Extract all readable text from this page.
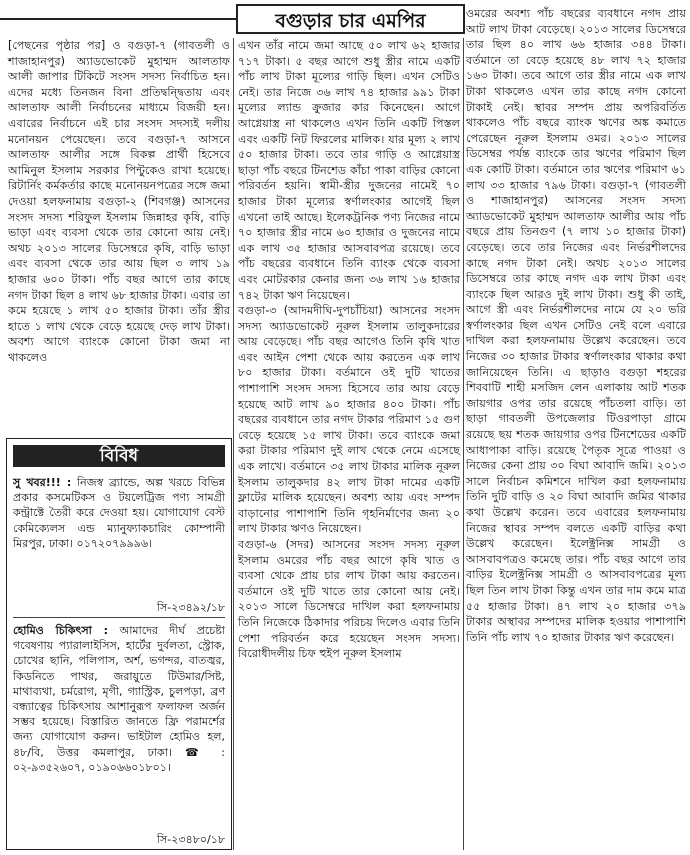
বগুড়ার চার এমপির

[পেছনের পৃষ্ঠার পর] ও বগুড়া-৭ (গাবতলী ও শাজাহানপুর) অ্যাডভোকেট মুহাম্মদ আলতাফ আলী জাপার টিকিটে সংসদ সদস্য নির্বাচিত হন। এদের মধ্যে তিনজন বিনা প্রতিদ্বন্দ্বিতায় এবং আলতাফ আলী নির্বাচনের মাধ্যমে বিজয়ী হন। এবারের নির্বাচনে এই চার সংসদ সদস্যই দলীয় মনোনয়ন পেয়েছেন। তবে বগুড়া-৭ আসনে আলতাফ আলীর সঙ্গে বিকল্প প্রার্থী হিসেবে আমিনুল ইসলাম সরকার পিন্টুকেও রাখা হয়েছে। রিটার্নিং কর্মকর্তার কাছে মনোনয়নপত্রের সঙ্গে জমা দেওয়া হলফনামায় বগুড়া-২ (শিবগঞ্জ) আসনের সংসদ সদস্য শরিফুল ইসলাম জিন্নাহর কৃষি, বাড়ি ভাড়া এবং ব্যবসা থেকে তার কোনো আয় নেই। অথচ ২০১৩ সালের ডিসেম্বরে কৃষি, বাড়ি ভাড়া এবং ব্যবসা থেকে তার আয় ছিল ৩ লাখ ১৯ হাজার ৬০০ টাকা। পাঁচ বছর আগে তার কাছে নগদ টাকা ছিল ৪ লাখ ৬৮ হাজার টাকা। এবার তা কমে হয়েছে ১ লাখ ৫০ হাজার টাকা। তাঁর স্ত্রীর হাতে ১ লাখ থেকে বেড়ে হয়েছে দেড় লাখ টাকা। অবশ্য আগে ব্যাংকে কোনো টাকা জমা না থাকলেও

এখন তাঁর নামে জমা আছে ৫০ লাখ ৬২ হাজার ৭১৭ টাকা। ৫ বছর আগে শুধু স্ত্রীর নামে একটি পাঁচ লাখ টাকা মূল্যের গাড়ি ছিল। এখন সেটিও নেই। তার নিজে ৩৬ লাখ ৭৪ হাজার ৯৯১ টাকা মূল্যের ল্যান্ড ক্রুজার কার কিনেছেন। আগে আগ্নেয়াস্ত্র না থাকলেও এখন তিনি একটি পিস্তল এবং একটি নিট ফিরলের মালিক। যার মূল্য ২ লাখ ৫০ হাজার টাকা। তবে তার গাড়ি ও আগ্নেয়াস্ত্র ছাড়া পাঁচ বছরে টিনশেড কাঁচা পাকা বাড়ির কোনো পরিবর্তন হয়নি। স্বামী-স্ত্রীর দুজনের নামেই ৭০ হাজার টাকা মূল্যের স্বর্ণালংকার আগেই ছিল এখনো তাই আছে। ইলেকট্রনিক পণ্য নিজের নামে ৭০ হাজার স্ত্রীর নামে ৬০ হাজার ও দুজনের নামে এক লাখ ৩৫ হাজার আসবাবপত্র রয়েছে। তবে পাঁচ বছরের ব্যবধানে তিনি ব্যাংক থেকে ব্যবসা এবং মোটরকার কেনার জন্য ৩৬ লাখ ১৬ হাজার ৭৪২ টাকা ঋণ নিয়েছেন।

বগুড়া-৩ (আদমদীঘি-দুপচাঁচিয়া) আসনের সংসদ সদস্য অ্যাডভোকেট নূরুল ইসলাম তালুকদারের আয় বেড়েছে। পাঁচ বছর আগেও তিনি কৃষি খাত এবং আইন পেশা থেকে আয় করতেন এক লাখ ৮০ হাজার টাকা। বর্তমানে ওই দুটি খাতের পাশাপাশি সংসদ সদস্য হিসেবে তার আয় বেড়ে হয়েছে আট লাখ ৯০ হাজার ৪০০ টাকা। পাঁচ বছরের ব্যবধানে তার নগদ টাকার পরিমাণ ১৫ গুণ বেড়ে হয়েছে ১৫ লাখ টাকা। তবে ব্যাংকে জমা করা টাকার পরিমাণ দুই লাখ থেকে নেমে এসেছে এক লাখে। বর্তমানে ৩৫ লাখ টাকার মালিক নূরুল ইসলাম তালুকদার ৪২ লাখ টাকা দামের একটি ফ্লাটের মালিক হয়েছেন। অবশ্য আয় এবং সম্পদ বাড়ানোর পাশাপাশি তিনি গৃহনির্মাণের জন্য ২০ লাখ টাকার ঋণও নিয়েছেন।

বগুড়া-৬ (সদর) আসনের সংসদ সদস্য নূরুল ইসলাম ওমরের পাঁচ বছর আগে কৃষি খাত ও ব্যবসা থেকে প্রায় চার লাখ টাকা আয় করতেন। বর্তমানে ওই দুটি খাতে তার কোনো আয় নেই। ২০১৩ সালে ডিসেম্বরে দাখিল করা হলফনামায় তিনি নিজেকে ঠিকাদার পরিচয় দিলেও এবার তিনি পেশা পরিবর্তন করে হয়েছেন সংসদ সদস্য। বিরোধীদলীয় চিফ হুইপ নূরুল ইসলাম

ওমরের অবশ্য পাঁচ বছরের ব্যবধানে নগদ প্রায় আট লাখ টাকা বেড়েছে। ২০১৩ সালের ডিসেম্বরে তার ছিল ৪০ লাখ ৬৬ হাজার ৩৪৪ টাকা। বর্তমানে তা বেড়ে হয়েছে ৪৮ লাখ ৭২ হাজার ১৬৩ টাকা। তবে আগে তার স্ত্রীর নামে এক লাখ টাকা থাকলেও এখন তার কাছে নগদ কোনো টাকাই নেই। স্থাবর সম্পদ প্রায় অপরিবর্তিত থাকলেও পাঁচ বছরে ব্যাংক ঋণের অঙ্ক কমাতে পেরেছেন নূরুল ইসলাম ওমর। ২০১৩ সালের ডিসেম্বর পর্যন্ত ব্যাংকে তার ঋণের পরিমাণ ছিল এক কোটি টাকা। বর্তমানে তার ঋণের পরিমাণ ৬১ লাখ ৩৩ হাজার ৭৯৬ টাকা। বগুড়া-৭ (গাবতলী ও শাজাহানপুর) আসনের সংসদ সদস্য অ্যাডভোকেট মুহাম্মদ আলতাফ আলীর আয় পাঁচ বছরে প্রায় তিনগুণ (৭ লাখ ১০ হাজার টাকা) বেড়েছে। তবে তার নিজের এবং নির্ভরশীলদের কাছে নগদ টাকা নেই। অথচ ২০১৩ সালের ডিসেম্বরে তার কাছে নগদ এক লাখ টাকা এবং ব্যাংকে ছিল আরও দুই লাখ টাকা। শুধু কী তাই, আগে স্ত্রী এবং নির্ভরশীলদের নামে যে ২০ ভরি স্বর্ণালংকার ছিল এখন সেটিও নেই বলে এবারে দাখিল করা হলফনামায় উল্লেখ করেছেন। তবে নিজের ৩০ হাজার টাকার স্বর্ণালংকার থাকার কথা জানিয়েছেন তিনি। এ ছাড়াও বগুড়া শহরের শিববাটি শাহী মসজিদ লেন এলাকায় আট শতক জায়গার ওপর তার রয়েছে পাঁচতলা বাড়ি। তা ছাড়া গাবতলী উপজেলার টিওরপাড়া গ্রামে রয়েছে ছয় শতক জায়গার ওপর টিনশেডের একটি আধাপাকা বাড়ি। রয়েছে পৈতৃক সূত্রে পাওয়া ও নিজের কেনা প্রায় ৩০ বিঘা আবাদি জমি। ২০১৩ সালে নির্বাচন কমিশনে দাখিল করা হলফনামায় তিনি দুটি বাড়ি ও ২০ বিঘা আবাদি জমির থাকার কথা উল্লেখ করেন। তবে এবারের হলফনামায় নিজের স্থাবর সম্পদ বলতে একটি বাড়ির কথা উল্লেখ করেছেন। ইলেক্ট্রনিক্স সামগ্রী ও আসবাবপত্রও কমেছে তার। পাঁচ বছর আগে তার বাড়ির ইলেক্ট্রনিক্স সামগ্রী ও আসবাবপত্রের মূল্য ছিল তিন লাখ টাকা কিন্তু এখন তার দাম কমে মাত্র ৫৫ হাজার টাকা। ৪৭ লাখ ২০ হাজার ৩৭৯ টাকার অস্থাবর সম্পদের মালিক হওয়ার পাশাপাশি তিনি পাঁচ লাখ ৭০ হাজার টাকার ঋণ করেছেন।

বিবিধ
সু খবর!!! : নিজস্ব ব্র্যান্ডে, অল্প খরচে বিভিন্ন প্রকার কসমেটিকস ও টয়লেট্রিজ পণ্য সামগ্রী কন্ট্রাক্টে তৈরী করে দেওয়া হয়। যোগাযোগ বেস্ট কেমিক্যেলস এন্ড ম্যানুফ্যাকচারিং কোম্পানী মিরপুর, ঢাকা। ০১৭২০৭৯৯৯৬।
সি-২৩৪৯২/১৮
হোমিও চিকিৎসা : আমাদের দীর্ঘ প্রচেষ্টা গবেষণায় প্যারালাইসিস, হার্টের দুর্বলতা, স্ট্রোক, চোখের ছানি, পলিপাস, অর্শ, ভগন্দর, বাতজ্বর, কিডনিতে পাথর, জরায়ুতে টিউমার/সিষ্ট, মাথাব্যথা, চর্মরোগ, মৃগী, গ্যাস্ট্রিক, চুলপড়া, ব্রণ বন্ধ্যাত্বের চিকিৎসায় আশানুরূপ ফলাফল অর্জন সম্ভব হয়েছে। বিস্তারিত জানতে ফ্রি পরামর্শের জন্য যোগাযোগ করুন। ভাইটাল হোমিও হল, ৪৮/বি, উত্তর কমলাপুর, ঢাকা। ☎ : ০২-৯৩৫২৬০৭, ০১৯০৬৬০১৮০১।
সি-২৩৪৮০/১৮
